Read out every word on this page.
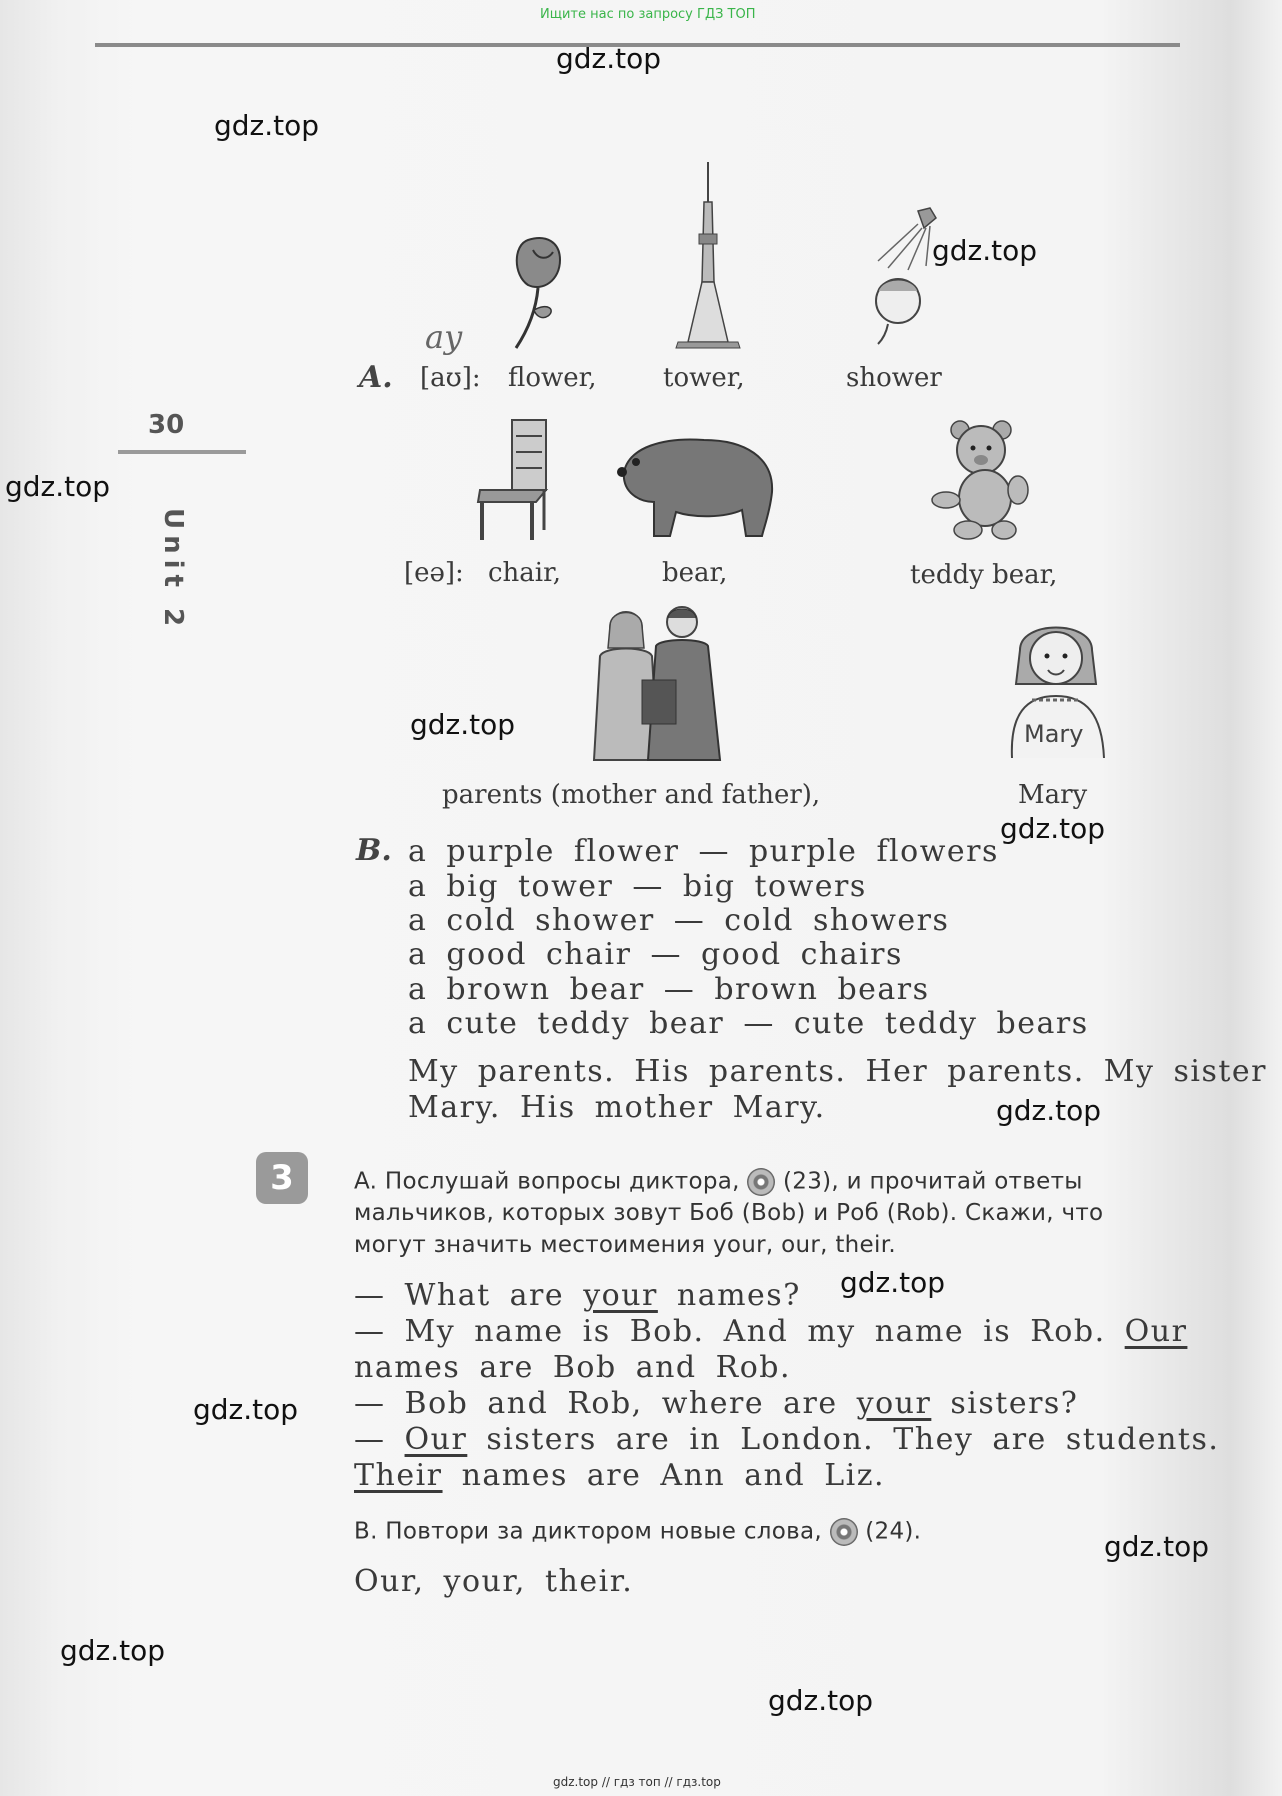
Ищите нас по запросу ГДЗ ТОП
gdz.top
gdz.top
gdz.top
gdz.top
gdz.top
gdz.top
gdz.top
gdz.top
gdz.top
gdz.top
gdz.top
gdz.top
30
Unit 2
ay
A. [aʊ]: flower,	tower,	shower
[eə]: chair,	bear,	teddy bear,
Mary
parents (mother and father),	Mary
B. a purple flower — purple flowers
a big tower — big towers
a cold shower — cold showers
a good chair — good chairs
a brown bear — brown bears
a cute teddy bear — cute teddy bears
My parents. His parents. Her parents. My sister
Mary. His mother Mary.
3	A. Послушай вопросы диктора, (23), и прочитай ответы
мальчиков, которых зовут Боб (Bob) и Роб (Rob). Скажи, что
могут значить местоимения your, our, their.
— What are your names?
— My name is Bob. And my name is Rob. Our
names are Bob and Rob.
— Bob and Rob, where are your sisters?
— Our sisters are in London. They are students.
Their names are Ann and Liz.
B. Повтори за диктором новые слова, (24).
Our, your, their.
gdz.top // гдз топ // гдз.top
